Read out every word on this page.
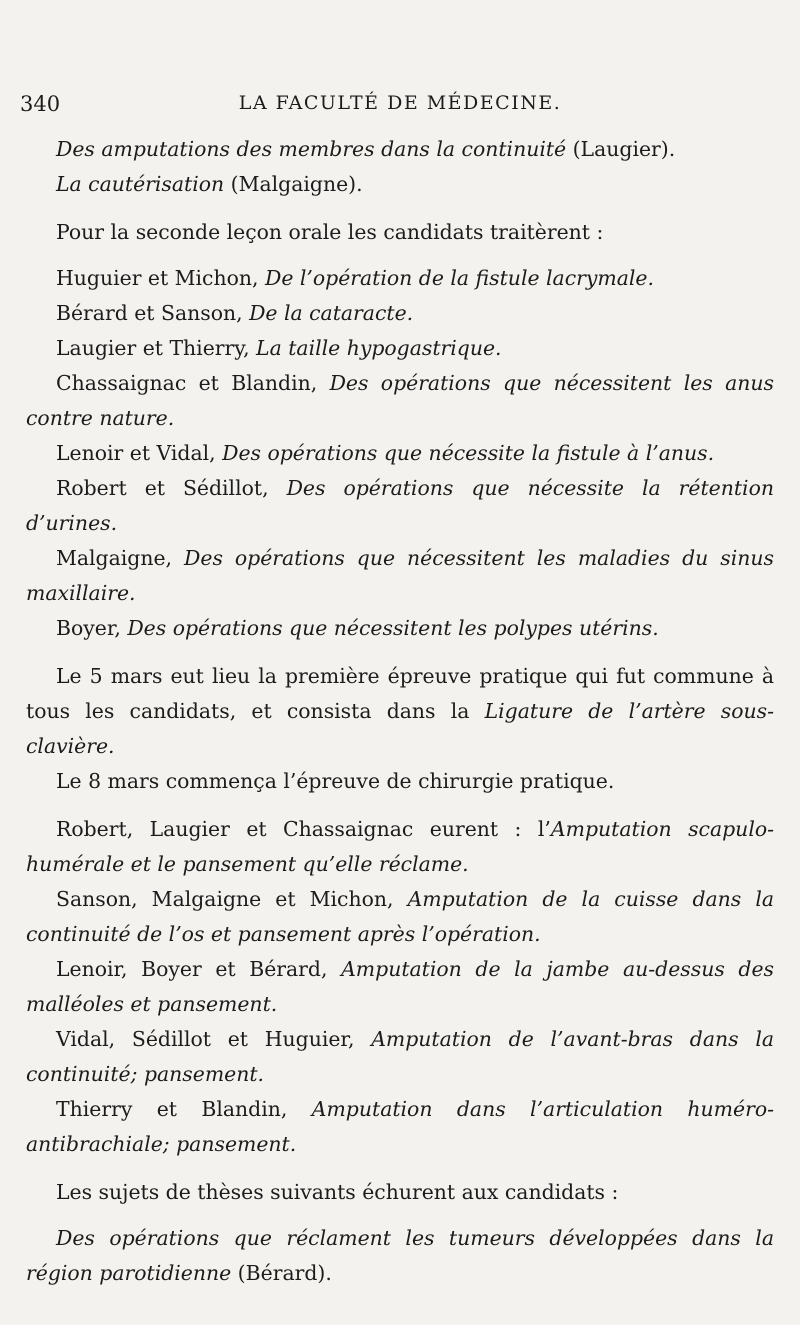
340	LA FACULTÉ DE MÉDECINE.

Des amputations des membres dans la continuité (Laugier).

La cautérisation (Malgaigne).

Pour la seconde leçon orale les candidats traitèrent :

Huguier et Michon, De l’opération de la fistule lacrymale.

Bérard et Sanson, De la cataracte.

Laugier et Thierry, La taille hypogastrique.

Chassaignac et Blandin, Des opérations que nécessitent les anus contre nature.

Lenoir et Vidal, Des opérations que nécessite la fistule à l’anus.

Robert et Sédillot, Des opérations que nécessite la rétention d’urines.

Malgaigne, Des opérations que nécessitent les maladies du sinus maxillaire.

Boyer, Des opérations que nécessitent les polypes utérins.

Le 5 mars eut lieu la première épreuve pratique qui fut commune à tous les candidats, et consista dans la Ligature de l’artère sous-clavière.

Le 8 mars commença l’épreuve de chirurgie pratique.

Robert, Laugier et Chassaignac eurent : l’Amputation scapulo-humérale et le pansement qu’elle réclame.

Sanson, Malgaigne et Michon, Amputation de la cuisse dans la continuité de l’os et pansement après l’opération.

Lenoir, Boyer et Bérard, Amputation de la jambe au-dessus des malléoles et pansement.

Vidal, Sédillot et Huguier, Amputation de l’avant-bras dans la continuité; pansement.

Thierry et Blandin, Amputation dans l’articulation huméro-antibrachiale; pansement.

Les sujets de thèses suivants échurent aux candidats :

Des opérations que réclament les tumeurs développées dans la région parotidienne (Bérard).
